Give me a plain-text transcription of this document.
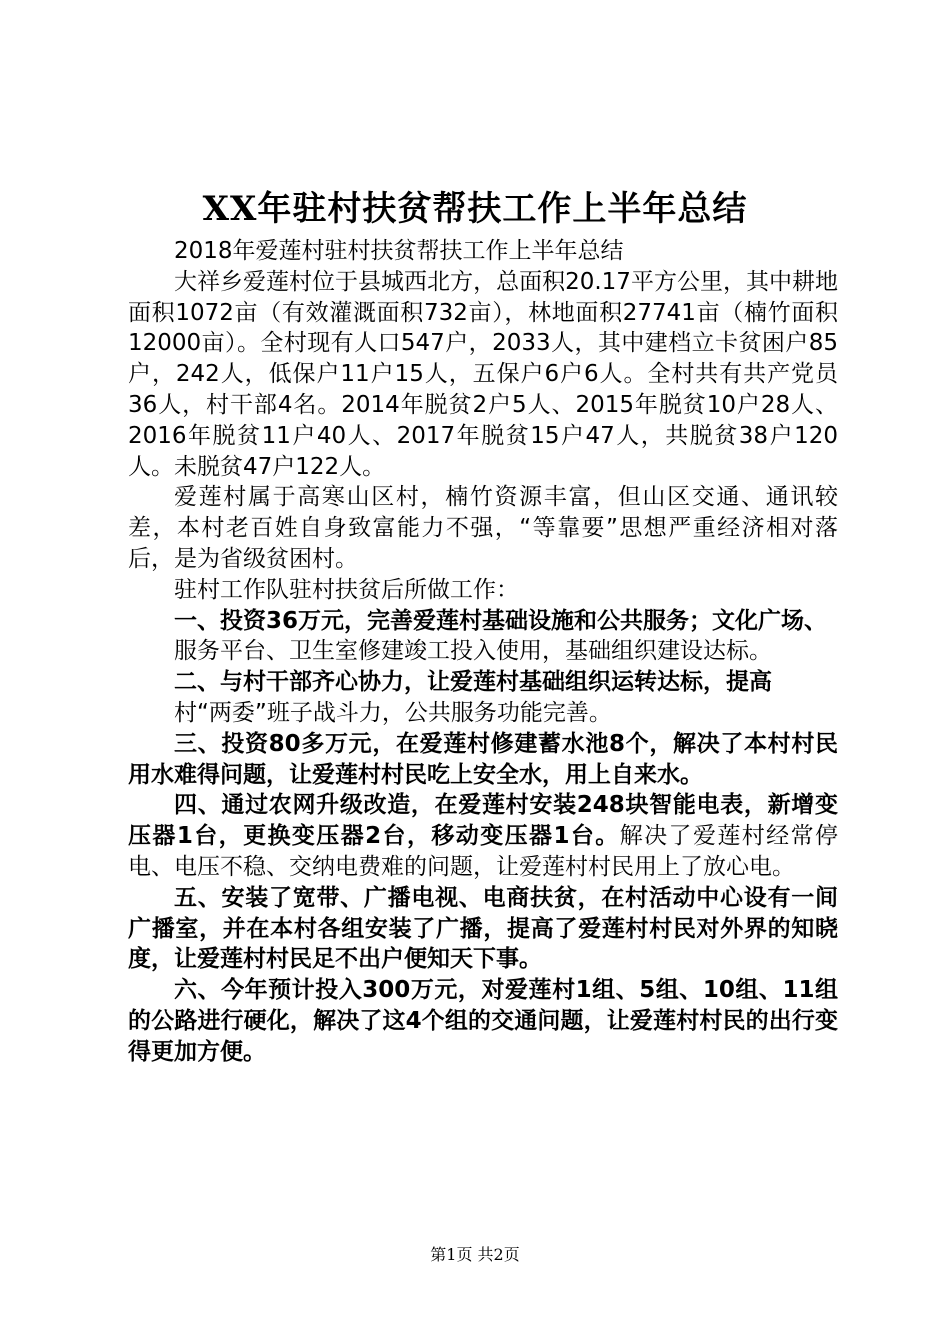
XX年驻村扶贫帮扶工作上半年总结

2018年爱莲村驻村扶贫帮扶工作上半年总结

大祥乡爱莲村位于县城西北方，总面积20.17平方公里，其中耕地面积1072亩（有效灌溉面积732亩），林地面积27741亩（楠竹面积12000亩）。全村现有人口547户，2033人，其中建档立卡贫困户85户，242人，低保户11户15人，五保户6户6人。全村共有共产党员36人，村干部4名。2014年脱贫2户5人、2015年脱贫10户28人、2016年脱贫11户40人、2017年脱贫15户47人，共脱贫38户120人。未脱贫47户122人。

爱莲村属于高寒山区村，楠竹资源丰富，但山区交通、通讯较差，本村老百姓自身致富能力不强，“等靠要”思想严重经济相对落后，是为省级贫困村。

驻村工作队驻村扶贫后所做工作：

一、投资36万元，完善爱莲村基础设施和公共服务；文化广场、

服务平台、卫生室修建竣工投入使用，基础组织建设达标。

二、与村干部齐心协力，让爱莲村基础组织运转达标，提高

村“两委”班子战斗力，公共服务功能完善。

三、投资80多万元，在爱莲村修建蓄水池8个，解决了本村村民用水难得问题，让爱莲村村民吃上安全水，用上自来水。

四、通过农网升级改造，在爱莲村安装248块智能电表，新增变压器1台，更换变压器2台，移动变压器1台。解决了爱莲村经常停电、电压不稳、交纳电费难的问题，让爱莲村村民用上了放心电。

五、安装了宽带、广播电视、电商扶贫，在村活动中心设有一间广播室，并在本村各组安装了广播，提高了爱莲村村民对外界的知晓度，让爱莲村村民足不出户便知天下事。

六、今年预计投入300万元，对爱莲村1组、5组、10组、11组的公路进行硬化，解决了这4个组的交通问题，让爱莲村村民的出行变得更加方便。

第1页 共2页
